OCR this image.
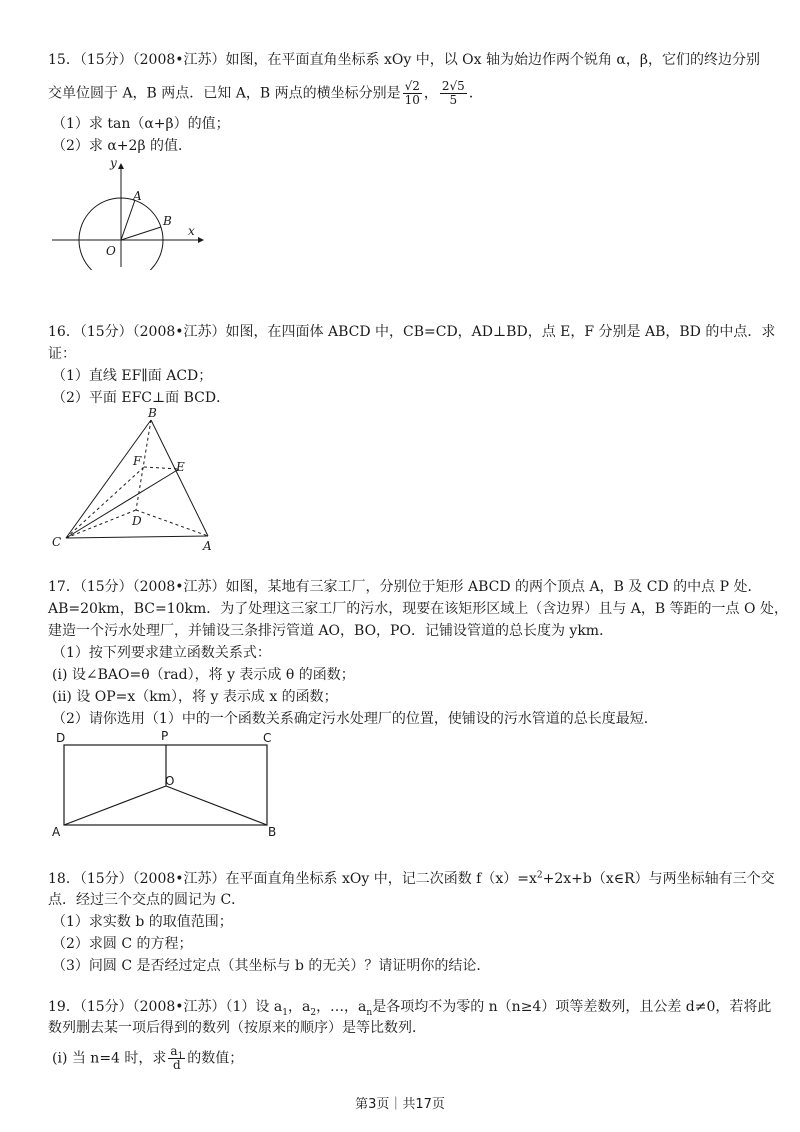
15．（15分）（2008•江苏）如图，在平面直角坐标系 xOy 中，以 Ox 轴为始边作两个锐角 α，β，它们的终边分别
交单位圆于 A，B 两点．已知 A，B 两点的横坐标分别是 $\frac{√2}{10}$ ， $\frac{2√5}{5}$ ．
（1）求 tan（α+β）的值；
（2）求 α+2β 的值．
y
x
A
B
O
16．（15分）（2008•江苏）如图，在四面体 ABCD 中，CB=CD，AD⊥BD，点 E，F 分别是 AB，BD 的中点．求
证：
（1）直线 EF∥面 ACD；
（2）平面 EFC⊥面 BCD．
B
F	E
D
C	A
17．（15分）（2008•江苏）如图，某地有三家工厂，分别位于矩形 ABCD 的两个顶点 A，B 及 CD 的中点 P 处．
AB=20km，BC=10km．为了处理这三家工厂的污水，现要在该矩形区域上（含边界）且与 A，B 等距的一点 O 处，
建造一个污水处理厂，并铺设三条排污管道 AO，BO，PO．记铺设管道的总长度为 ykm．
（1）按下列要求建立函数关系式：
(i) 设∠BAO=θ（rad），将 y 表示成 θ 的函数；
(ii) 设 OP=x（km），将 y 表示成 x 的函数；
（2）请你选用（1）中的一个函数关系确定污水处理厂的位置，使铺设的污水管道的总长度最短．
D	P	C
O
A	B
18．（15分）（2008•江苏）在平面直角坐标系 xOy 中，记二次函数 $f(x)=x^2+2x+b(x\in R)$与两坐标轴有三个交
点．经过三个交点的圆记为 C．
（1）求实数 b 的取值范围；
（2）求圆 C 的方程；
（3）问圆 C 是否经过定点（其坐标与 b 的无关）？请证明你的结论．
19．（15分）（2008•江苏）（1）设 $a_1$，$a_2$，…，$a_n$是各项均不为零的 n（n≥4）项等差数列，且公差 d≠0，若将此
数列删去某一项后得到的数列（按原来的顺序）是等比数列．
(i) 当 n=4 时，求 $\frac{a_1}{d}$ 的数值；
第3页｜共17页
